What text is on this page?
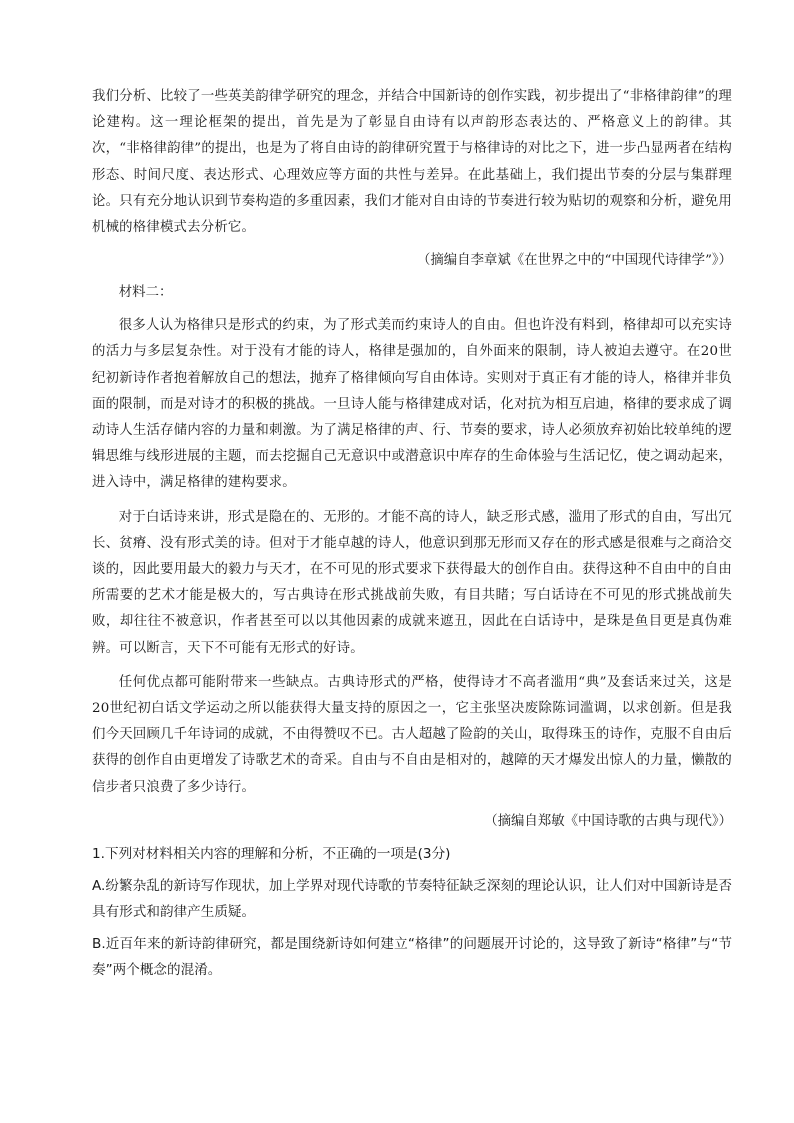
我们分析、比较了一些英美韵律学研究的理念，并结合中国新诗的创作实践，初步提出了“非格律韵律”的理论建构。这一理论框架的提出，首先是为了彰显自由诗有以声韵形态表达的、严格意义上的韵律。其次，“非格律韵律”的提出，也是为了将自由诗的韵律研究置于与格律诗的对比之下，进一步凸显两者在结构形态、时间尺度、表达形式、心理效应等方面的共性与差异。在此基础上，我们提出节奏的分层与集群理论。只有充分地认识到节奏构造的多重因素，我们才能对自由诗的节奏进行较为贴切的观察和分析，避免用机械的格律模式去分析它。

（摘编自李章斌《在世界之中的“中国现代诗律学”》）

材料二：

很多人认为格律只是形式的约束，为了形式美而约束诗人的自由。但也许没有料到，格律却可以充实诗的活力与多层复杂性。对于没有才能的诗人，格律是强加的，自外面来的限制，诗人被迫去遵守。在20世纪初新诗作者抱着解放自己的想法，抛弃了格律倾向写自由体诗。实则对于真正有才能的诗人，格律并非负面的限制，而是对诗才的积极的挑战。一旦诗人能与格律建成对话，化对抗为相互启迪，格律的要求成了调动诗人生活存储内容的力量和刺激。为了满足格律的声、行、节奏的要求，诗人必须放弃初始比较单纯的逻辑思维与线形进展的主题，而去挖掘自己无意识中或潜意识中库存的生命体验与生活记忆，使之调动起来，进入诗中，满足格律的建构要求。

对于白话诗来讲，形式是隐在的、无形的。才能不高的诗人，缺乏形式感，滥用了形式的自由，写出冗长、贫瘠、没有形式美的诗。但对于才能卓越的诗人，他意识到那无形而又存在的形式感是很难与之商洽交谈的，因此要用最大的毅力与天才，在不可见的形式要求下获得最大的创作自由。获得这种不自由中的自由所需要的艺术才能是极大的，写古典诗在形式挑战前失败，有目共睹；写白话诗在不可见的形式挑战前失败，却往往不被意识，作者甚至可以以其他因素的成就来遮丑，因此在白话诗中，是珠是鱼目更是真伪难辨。可以断言，天下不可能有无形式的好诗。

任何优点都可能附带来一些缺点。古典诗形式的严格，使得诗才不高者滥用“典”及套话来过关，这是20世纪初白话文学运动之所以能获得大量支持的原因之一，它主张坚决废除陈词滥调，以求创新。但是我们今天回顾几千年诗词的成就，不由得赞叹不已。古人超越了险韵的关山，取得珠玉的诗作，克服不自由后获得的创作自由更增发了诗歌艺术的奇采。自由与不自由是相对的，越障的天才爆发出惊人的力量，懒散的信步者只浪费了多少诗行。

（摘编自郑敏《中国诗歌的古典与现代》）

1.下列对材料相关内容的理解和分析，不正确的一项是(3分)

A.纷繁杂乱的新诗写作现状，加上学界对现代诗歌的节奏特征缺乏深刻的理论认识，让人们对中国新诗是否具有形式和韵律产生质疑。

B.近百年来的新诗韵律研究，都是围绕新诗如何建立“格律”的问题展开讨论的，这导致了新诗“格律”与“节奏”两个概念的混淆。
